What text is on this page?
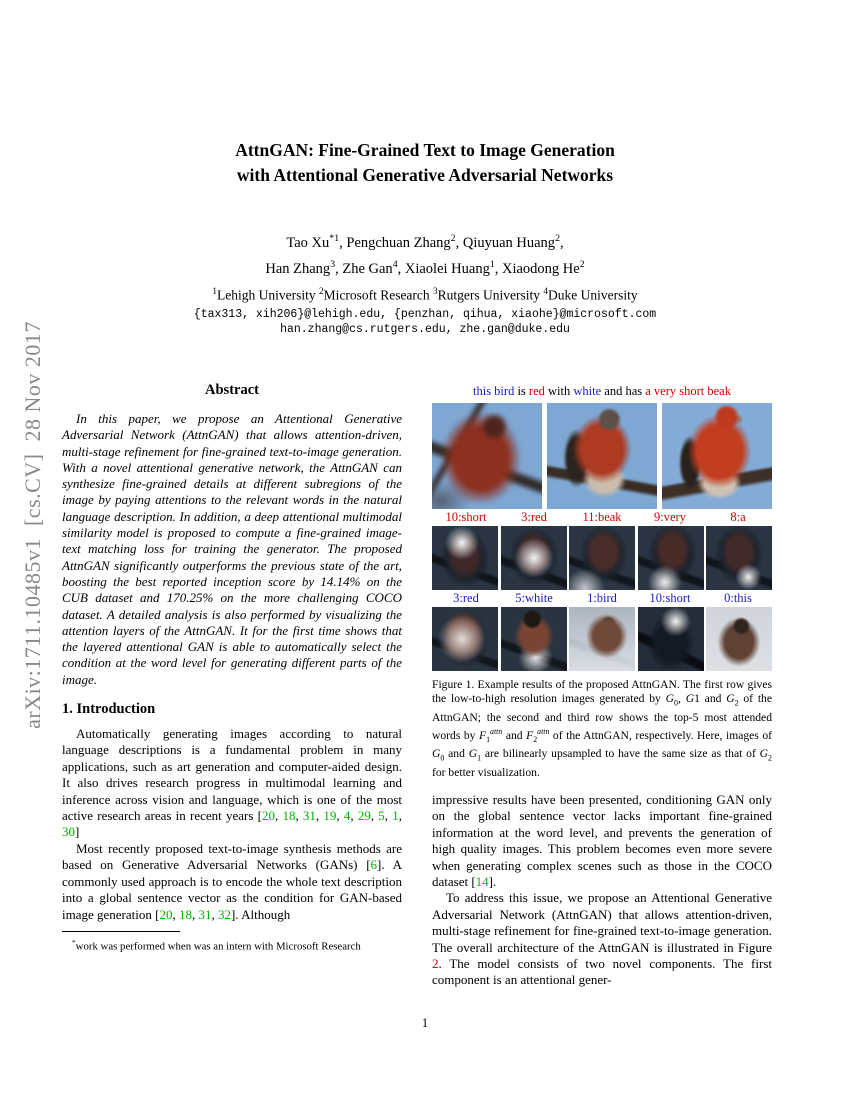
arXiv:1711.10485v1  [cs.CV]  28 Nov 2017
AttnGAN: Fine-Grained Text to Image Generation
with Attentional Generative Adversarial Networks
Tao Xu$^{*1}$, Pengchuan Zhang$^2$, Qiuyuan Huang$^2$,
Han Zhang$^3$, Zhe Gan$^4$, Xiaolei Huang$^1$, Xiaodong He$^2$
$^1$Lehigh University $^2$Microsoft Research $^3$Rutgers University $^4$Duke University
{tax313, xih206}@lehigh.edu, {penzhan, qihua, xiaohe}@microsoft.com
han.zhang@cs.rutgers.edu, zhe.gan@duke.edu
Abstract

In this paper, we propose an Attentional Generative Adversarial Network (AttnGAN) that allows attention-driven, multi-stage refinement for fine-grained text-to-image generation. With a novel attentional generative network, the AttnGAN can synthesize fine-grained details at different subregions of the image by paying attentions to the relevant words in the natural language description. In addition, a deep attentional multimodal similarity model is proposed to compute a fine-grained image-text matching loss for training the generator. The proposed AttnGAN significantly outperforms the previous state of the art, boosting the best reported inception score by 14.14% on the CUB dataset and 170.25% on the more challenging COCO dataset. A detailed analysis is also performed by visualizing the attention layers of the AttnGAN. It for the first time shows that the layered attentional GAN is able to automatically select the condition at the word level for generating different parts of the image.

1. Introduction

Automatically generating images according to natural language descriptions is a fundamental problem in many applications, such as art generation and computer-aided design. It also drives research progress in multimodal learning and inference across vision and language, which is one of the most active research areas in recent years [20, 18, 31, 19, 4, 29, 5, 1, 30]

Most recently proposed text-to-image synthesis methods are based on Generative Adversarial Networks (GANs) [6]. A commonly used approach is to encode the whole text description into a global sentence vector as the condition for GAN-based image generation [20, 18, 31, 32]. Although

*work was performed when was an intern with Microsoft Research
this bird is red with white and has a very short beak
10:short	3:red	11:beak	9:very	8:a
3:red	5:white	1:bird	10:short	0:this
Figure 1. Example results of the proposed AttnGAN. The first row gives the low-to-high resolution images generated by $G_0$, G1 and $G_2$ of the AttnGAN; the second and third row shows the top-5 most attended words by $F_1^{attn}$ and $F_2^{attn}$ of the AttnGAN, respectively. Here, images of $G_0$ and $G_1$ are bilinearly upsampled to have the same size as that of $G_2$ for better visualization.

impressive results have been presented, conditioning GAN only on the global sentence vector lacks important fine-grained information at the word level, and prevents the generation of high quality images. This problem becomes even more severe when generating complex scenes such as those in the COCO dataset [14].

To address this issue, we propose an Attentional Generative Adversarial Network (AttnGAN) that allows attention-driven, multi-stage refinement for fine-grained text-to-image generation. The overall architecture of the AttnGAN is illustrated in Figure 2. The model consists of two novel components. The first component is an attentional gener-

1
